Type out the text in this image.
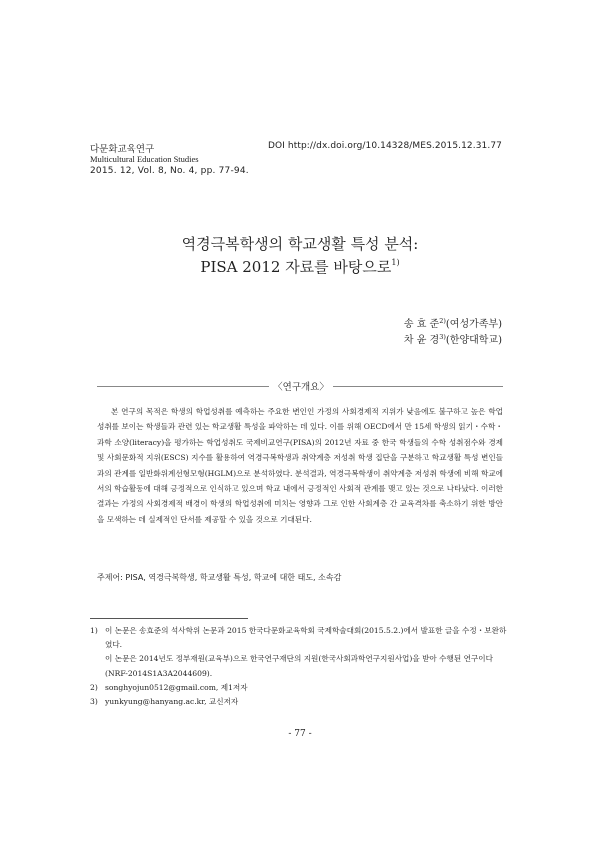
다문화교육연구
Multicultural Education Studies
2015. 12, Vol. 8, No. 4, pp. 77-94.
DOI http://dx.doi.org/10.14328/MES.2015.12.31.77
역경극복학생의 학교생활 특성 분석:
PISA 2012 자료를 바탕으로$^{1)}$
송 효 준$^{2)}$(여성가족부)
차 윤 경$^{3)}$(한양대학교)
〈연구개요〉
본 연구의 목적은 학생의 학업성취를 예측하는 주요한 변인인 가정의 사회경제적 지위가 낮음에도 불구하고 높은 학업성취를 보이는 학생들과 관련 있는 학교생활 특성을 파악하는 데 있다. 이를 위해 OECD에서 만 15세 학생의 읽기・수학・과학 소양(literacy)을 평가하는 학업성취도 국제비교연구(PISA)의 2012년 자료 중 한국 학생들의 수학 성취점수와 경제 및 사회문화적 지위(ESCS) 지수를 활용하여 역경극복학생과 취약계층 저성취 학생 집단을 구분하고 학교생활 특성 변인들과의 관계를 일반화위계선형모형(HGLM)으로 분석하였다. 분석결과, 역경극복학생이 취약계층 저성취 학생에 비해 학교에서의 학습활동에 대해 긍정적으로 인식하고 있으며 학교 내에서 긍정적인 사회적 관계를 맺고 있는 것으로 나타났다. 이러한 결과는 가정의 사회경제적 배경이 학생의 학업성취에 미치는 영향과 그로 인한 사회계층 간 교육격차를 축소하기 위한 방안을 모색하는 데 실제적인 단서를 제공할 수 있을 것으로 기대된다.
주제어: PISA, 역경극복학생, 학교생활 특성, 학교에 대한 태도, 소속감
1) 이 논문은 송효준의 석사학위 논문과 2015 한국다문화교육학회 국제학술대회(2015.5.2.)에서 발표한 글을 수정・보완하였다.
이 논문은 2014년도 정부재원(교육부)으로 한국연구재단의 지원(한국사회과학연구지원사업)을 받아 수행된 연구이다(NRF-2014S1A3A2044609).
2) songhyojun0512@gmail.com, 제1저자
3) yunkyung@hanyang.ac.kr, 교신저자
- 77 -
